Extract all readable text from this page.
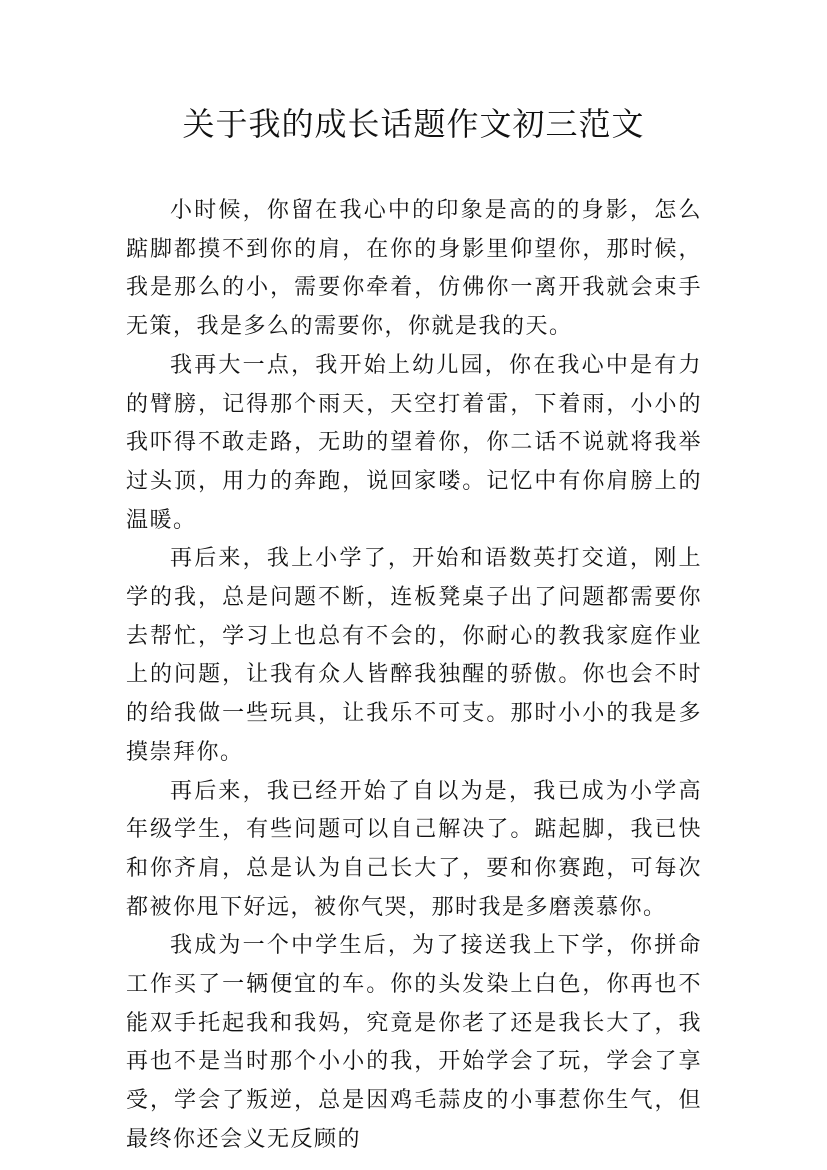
关于我的成长话题作文初三范文

小时候，你留在我心中的印象是高的的身影，怎么踮脚都摸不到你的肩，在你的身影里仰望你，那时候，我是那么的小，需要你牵着，仿佛你一离开我就会束手无策，我是多么的需要你，你就是我的天。

我再大一点，我开始上幼儿园，你在我心中是有力的臂膀，记得那个雨天，天空打着雷，下着雨，小小的我吓得不敢走路，无助的望着你，你二话不说就将我举过头顶，用力的奔跑，说回家喽。记忆中有你肩膀上的温暖。

再后来，我上小学了，开始和语数英打交道，刚上学的我，总是问题不断，连板凳桌子出了问题都需要你去帮忙，学习上也总有不会的，你耐心的教我家庭作业上的问题，让我有众人皆醉我独醒的骄傲。你也会不时的给我做一些玩具，让我乐不可支。那时小小的我是多摸崇拜你。

再后来，我已经开始了自以为是，我已成为小学高年级学生，有些问题可以自己解决了。踮起脚，我已快和你齐肩，总是认为自己长大了，要和你赛跑，可每次都被你甩下好远，被你气哭，那时我是多磨羡慕你。

我成为一个中学生后，为了接送我上下学，你拼命工作买了一辆便宜的车。你的头发染上白色，你再也不能双手托起我和我妈，究竟是你老了还是我长大了，我再也不是当时那个小小的我，开始学会了玩，学会了享受，学会了叛逆，总是因鸡毛蒜皮的小事惹你生气，但最终你还会义无反顾的
